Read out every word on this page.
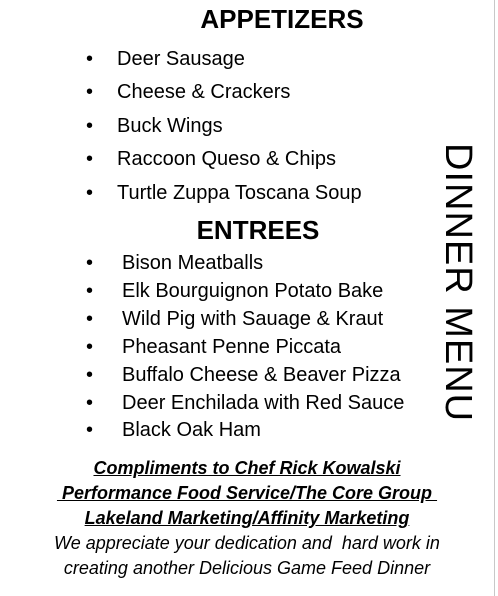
APPETIZERS
• Deer Sausage
• Cheese & Crackers
• Buck Wings
• Raccoon Queso & Chips
• Turtle Zuppa Toscana Soup
ENTREES
• Bison Meatballs
• Elk Bourguignon Potato Bake
• Wild Pig with Sauage & Kraut
• Pheasant Penne Piccata
• Buffalo Cheese & Beaver Pizza
• Deer Enchilada with Red Sauce
• Black Oak Ham
DINNER MENU
Compliments to Chef Rick Kowalski
Performance Food Service/The Core Group
Lakeland Marketing/Affinity Marketing
We appreciate your dedication and  hard work in
creating another Delicious Game Feed Dinner
